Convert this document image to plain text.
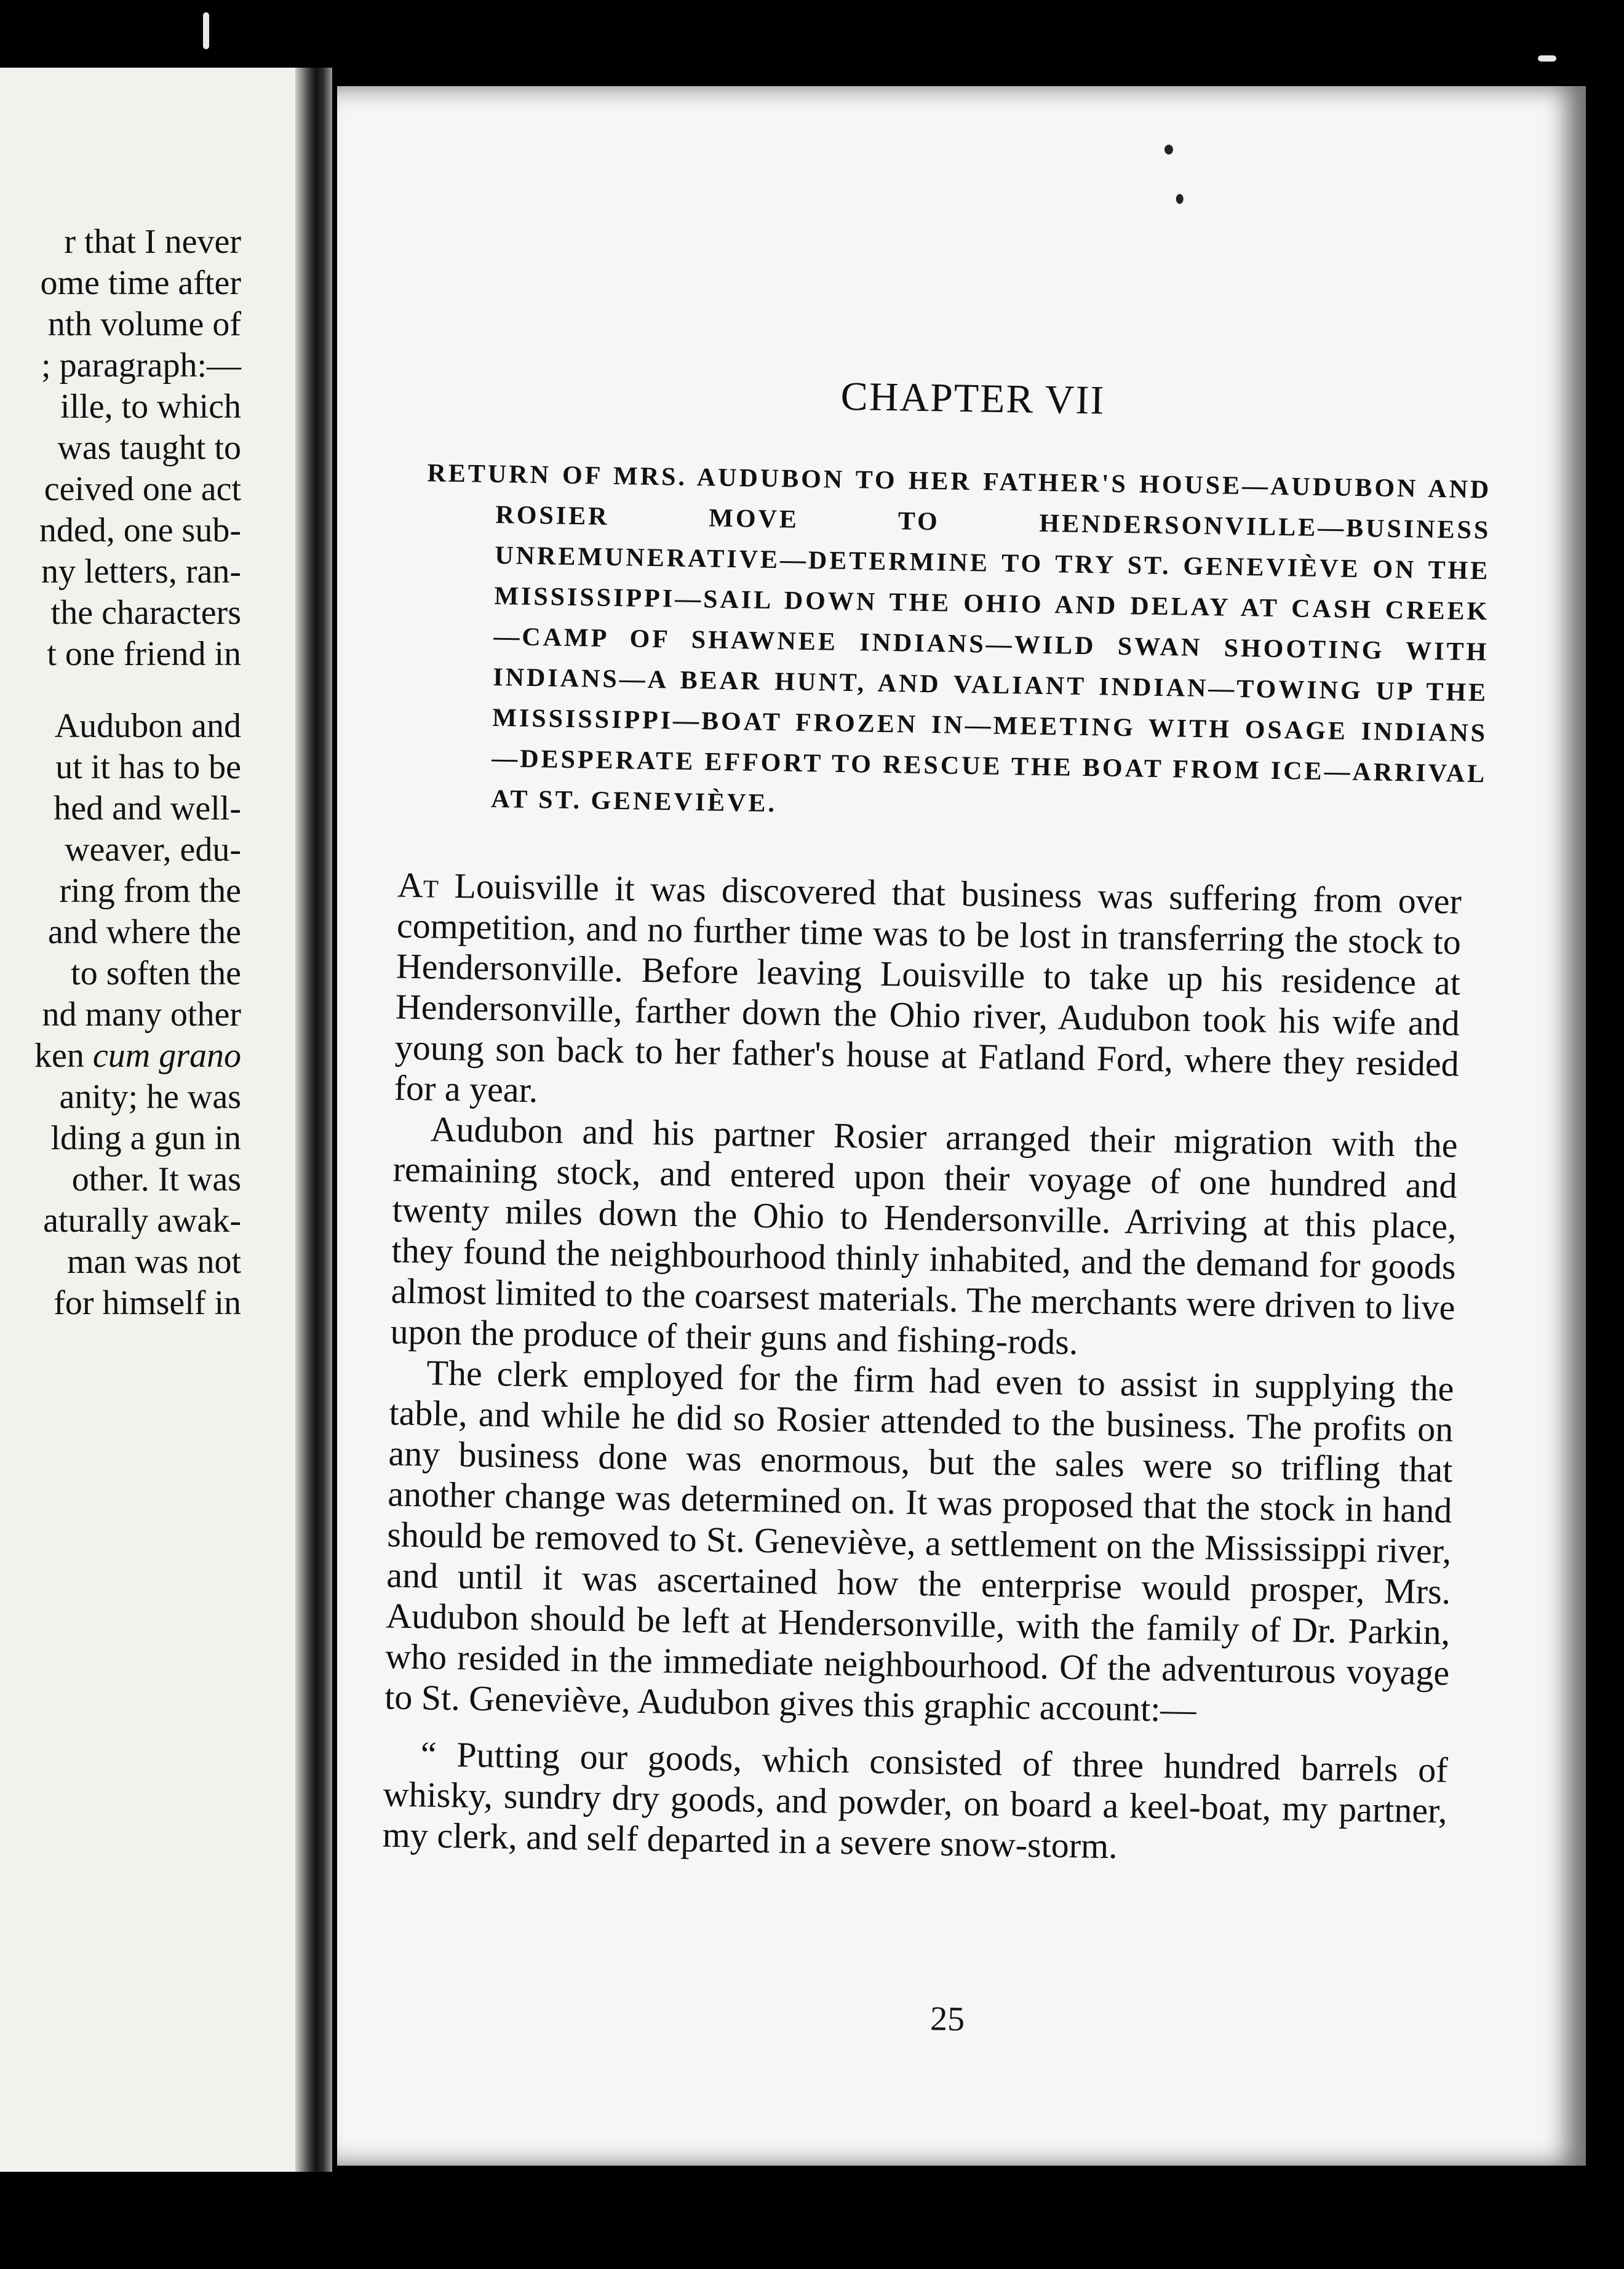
r that I never
ome time after
nth volume of
; paragraph:—
ille, to which
was taught to
ceived one act
nded, one sub-
ny letters, ran-
the characters
t one friend in
Audubon and
ut it has to be
hed and well-
weaver, edu-
ring from the
and where the
to soften the
nd many other
ken cum grano
anity; he was
lding a gun in
other. It was
aturally awak-
man was not
for himself in
CHAPTER VII
RETURN OF MRS. AUDUBON TO HER FATHER'S HOUSE—AUDUBON AND ROSIER MOVE TO HENDERSONVILLE—BUSINESS UNREMUNERATIVE—DETERMINE TO TRY ST. GENEVIÈVE ON THE MISSISSIPPI—SAIL DOWN THE OHIO AND DELAY AT CASH CREEK—CAMP OF SHAWNEE INDIANS—WILD SWAN SHOOTING WITH INDIANS—A BEAR HUNT, AND VALIANT INDIAN—TOWING UP THE MISSISSIPPI—BOAT FROZEN IN—MEETING WITH OSAGE INDIANS—DESPERATE EFFORT TO RESCUE THE BOAT FROM ICE—ARRIVAL AT ST. GENEVIÈVE.

At Louisville it was discovered that business was suffering from over competition, and no further time was to be lost in transferring the stock to Hendersonville. Before leaving Louisville to take up his residence at Hendersonville, farther down the Ohio river, Audubon took his wife and young son back to her father's house at Fatland Ford, where they resided for a year.

Audubon and his partner Rosier arranged their migration with the remaining stock, and entered upon their voyage of one hundred and twenty miles down the Ohio to Hendersonville. Arriving at this place, they found the neighbourhood thinly inhabited, and the demand for goods almost limited to the coarsest materials. The merchants were driven to live upon the produce of their guns and fishing-rods.

The clerk employed for the firm had even to assist in supplying the table, and while he did so Rosier attended to the business. The profits on any business done was enormous, but the sales were so trifling that another change was determined on. It was proposed that the stock in hand should be removed to St. Geneviève, a settlement on the Mississippi river, and until it was ascertained how the enterprise would prosper, Mrs. Audubon should be left at Hendersonville, with the family of Dr. Parkin, who resided in the immediate neighbourhood. Of the adventurous voyage to St. Geneviève, Audubon gives this graphic account:—

“ Putting our goods, which consisted of three hundred barrels of whisky, sundry dry goods, and powder, on board a keel-boat, my partner, my clerk, and self departed in a severe snow-storm.

25
